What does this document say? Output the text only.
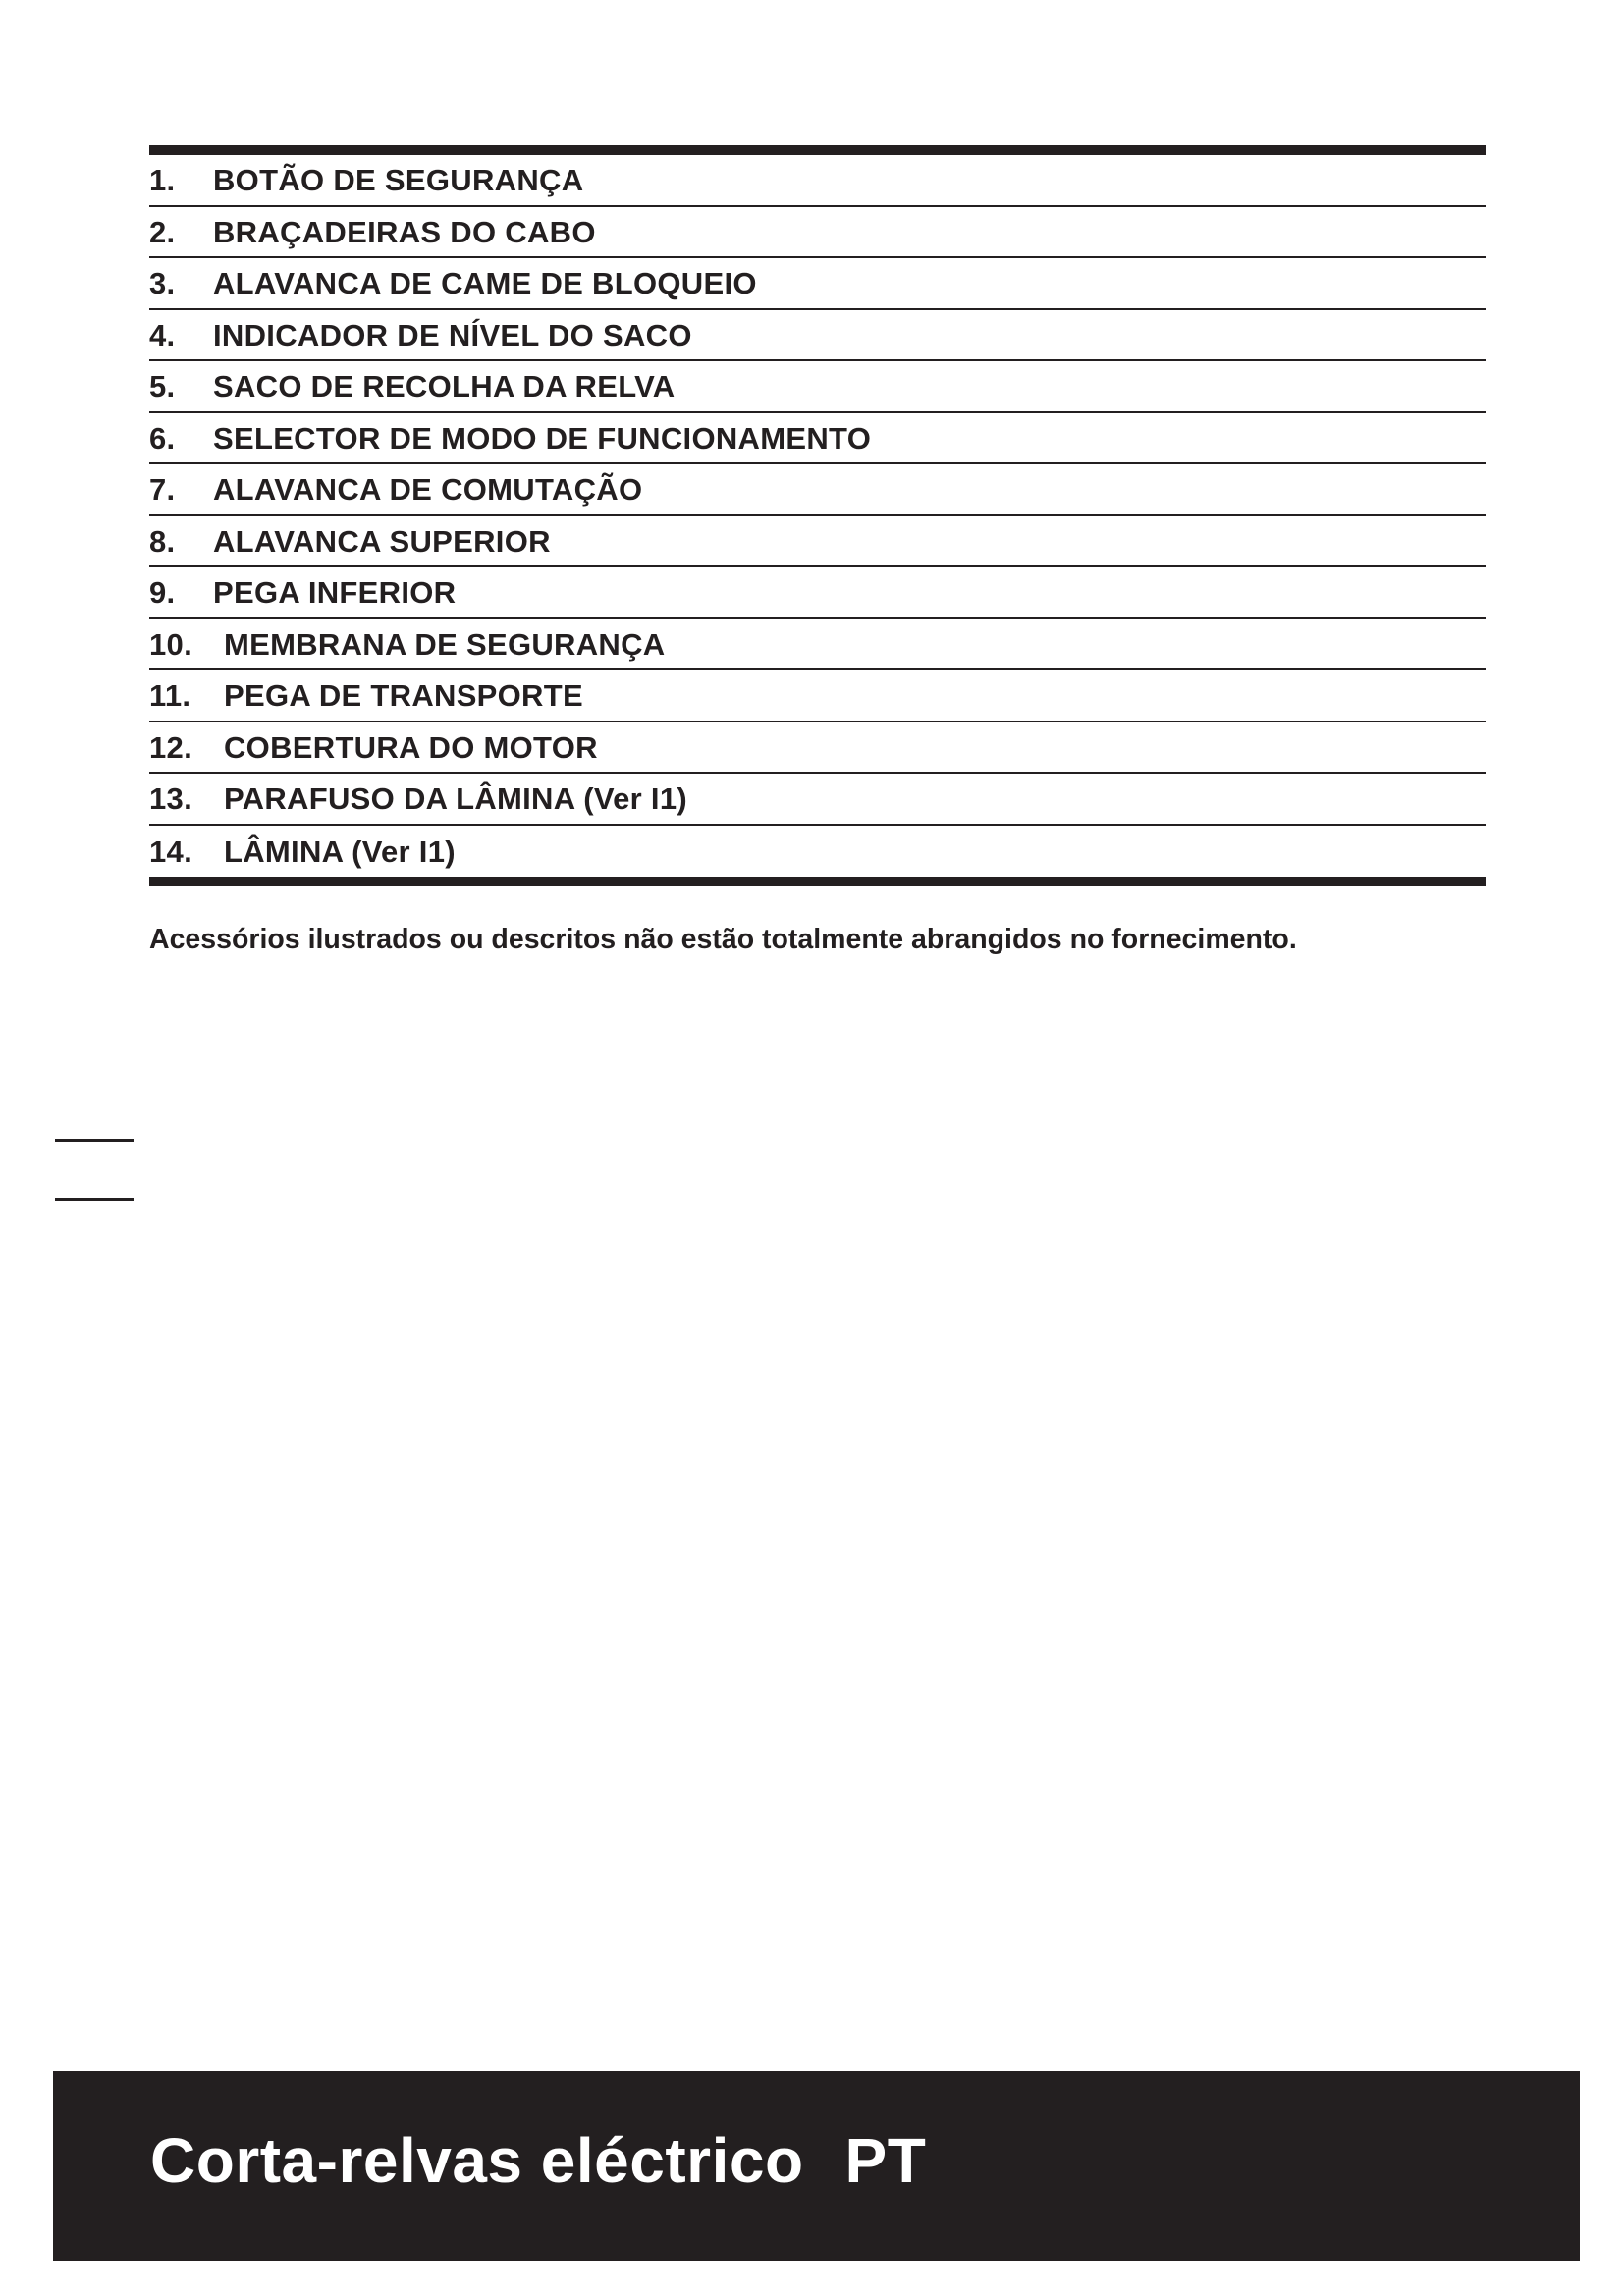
1.	BOTÃO DE SEGURANÇA
2.	BRAÇADEIRAS DO CABO
3.	ALAVANCA DE CAME DE BLOQUEIO
4.	INDICADOR DE NÍVEL DO SACO
5.	SACO DE RECOLHA DA RELVA
6.	SELECTOR DE MODO DE FUNCIONAMENTO
7.	ALAVANCA DE COMUTAÇÃO
8.	ALAVANCA SUPERIOR
9.	PEGA INFERIOR
10.	MEMBRANA DE SEGURANÇA
11.	PEGA DE TRANSPORTE
12.	COBERTURA DO MOTOR
13.	PARAFUSO DA LÂMINA (Ver I1)
14.	LÂMINA (Ver I1)
Acessórios ilustrados ou descritos não estão totalmente abrangidos no fornecimento.
Corta-relvas eléctrico PT
